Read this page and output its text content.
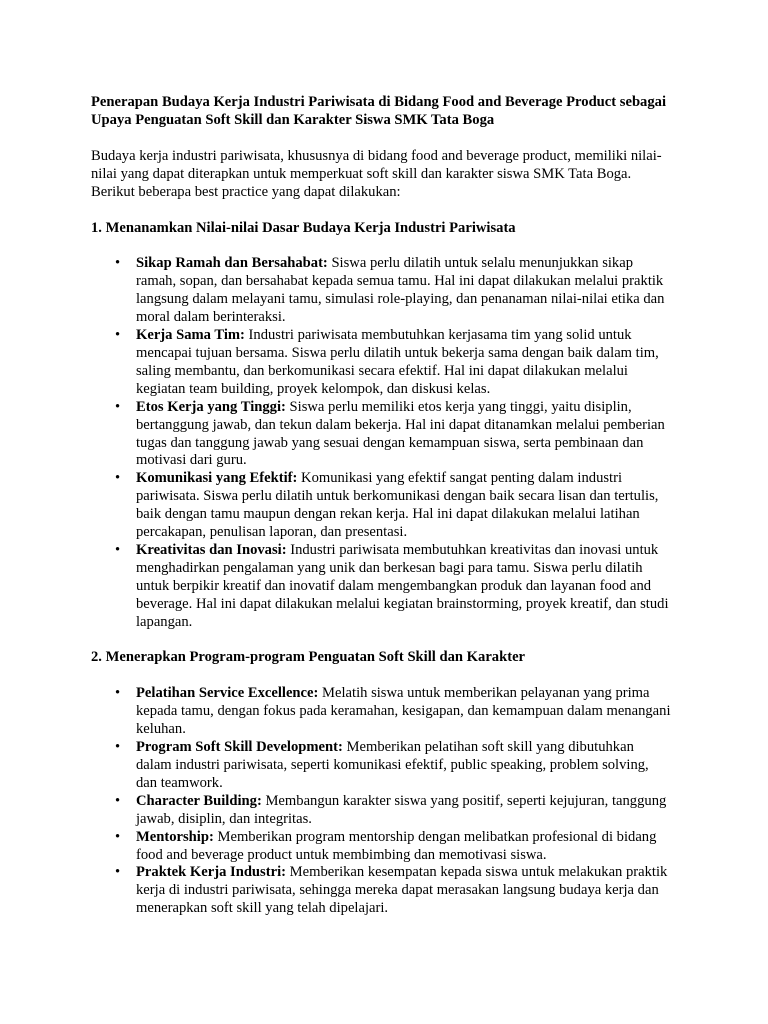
Penerapan Budaya Kerja Industri Pariwisata di Bidang Food and Beverage Product sebagai Upaya Penguatan Soft Skill dan Karakter Siswa SMK Tata Boga

Budaya kerja industri pariwisata, khususnya di bidang food and beverage product, memiliki nilai-nilai yang dapat diterapkan untuk memperkuat soft skill dan karakter siswa SMK Tata Boga. Berikut beberapa best practice yang dapat dilakukan:

1. Menanamkan Nilai-nilai Dasar Budaya Kerja Industri Pariwisata

• Sikap Ramah dan Bersahabat: Siswa perlu dilatih untuk selalu menunjukkan sikap ramah, sopan, dan bersahabat kepada semua tamu. Hal ini dapat dilakukan melalui praktik langsung dalam melayani tamu, simulasi role-playing, dan penanaman nilai-nilai etika dan moral dalam berinteraksi.
• Kerja Sama Tim: Industri pariwisata membutuhkan kerjasama tim yang solid untuk mencapai tujuan bersama. Siswa perlu dilatih untuk bekerja sama dengan baik dalam tim, saling membantu, dan berkomunikasi secara efektif. Hal ini dapat dilakukan melalui kegiatan team building, proyek kelompok, dan diskusi kelas.
• Etos Kerja yang Tinggi: Siswa perlu memiliki etos kerja yang tinggi, yaitu disiplin, bertanggung jawab, dan tekun dalam bekerja. Hal ini dapat ditanamkan melalui pemberian tugas dan tanggung jawab yang sesuai dengan kemampuan siswa, serta pembinaan dan motivasi dari guru.
• Komunikasi yang Efektif: Komunikasi yang efektif sangat penting dalam industri pariwisata. Siswa perlu dilatih untuk berkomunikasi dengan baik secara lisan dan tertulis, baik dengan tamu maupun dengan rekan kerja. Hal ini dapat dilakukan melalui latihan percakapan, penulisan laporan, dan presentasi.
• Kreativitas dan Inovasi: Industri pariwisata membutuhkan kreativitas dan inovasi untuk menghadirkan pengalaman yang unik dan berkesan bagi para tamu. Siswa perlu dilatih untuk berpikir kreatif dan inovatif dalam mengembangkan produk dan layanan food and beverage. Hal ini dapat dilakukan melalui kegiatan brainstorming, proyek kreatif, dan studi lapangan.

2. Menerapkan Program-program Penguatan Soft Skill dan Karakter

• Pelatihan Service Excellence: Melatih siswa untuk memberikan pelayanan yang prima kepada tamu, dengan fokus pada keramahan, kesigapan, dan kemampuan dalam menangani keluhan.
• Program Soft Skill Development: Memberikan pelatihan soft skill yang dibutuhkan dalam industri pariwisata, seperti komunikasi efektif, public speaking, problem solving, dan teamwork.
• Character Building: Membangun karakter siswa yang positif, seperti kejujuran, tanggung jawab, disiplin, dan integritas.
• Mentorship: Memberikan program mentorship dengan melibatkan profesional di bidang food and beverage product untuk membimbing dan memotivasi siswa.
• Praktek Kerja Industri: Memberikan kesempatan kepada siswa untuk melakukan praktik kerja di industri pariwisata, sehingga mereka dapat merasakan langsung budaya kerja dan menerapkan soft skill yang telah dipelajari.
